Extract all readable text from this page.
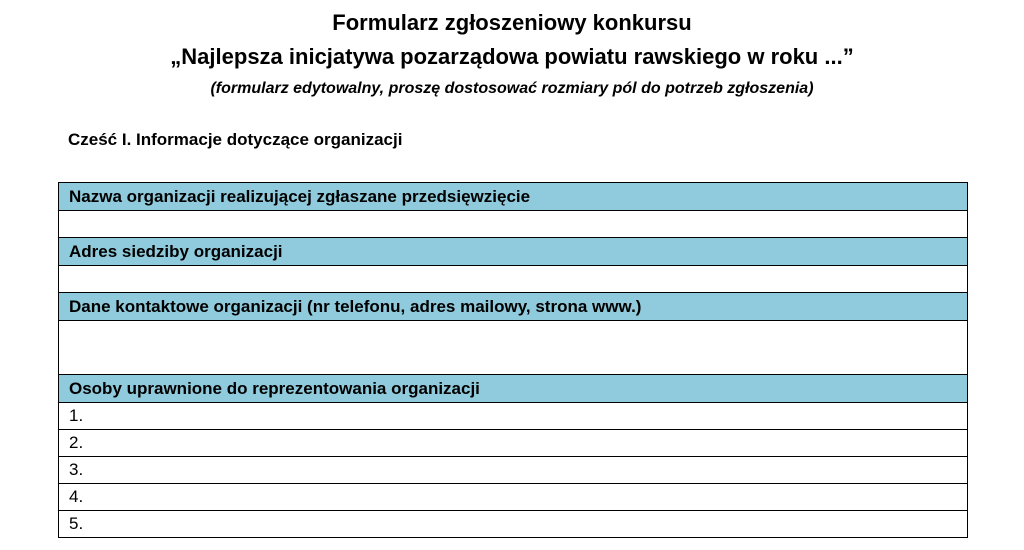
Formularz zgłoszeniowy konkursu
„Najlepsza inicjatywa pozarządowa powiatu rawskiego w roku ...”
(formularz edytowalny, proszę dostosować rozmiary pól do potrzeb zgłoszenia)
Cześć I. Informacje dotyczące organizacji
Nazwa organizacji realizującej zgłaszane przedsięwzięcie

Adres siedziby organizacji

Dane kontaktowe organizacji (nr telefonu, adres mailowy, strona www.)

Osoby uprawnione do reprezentowania organizacji
1.
2.
3.
4.
5.
